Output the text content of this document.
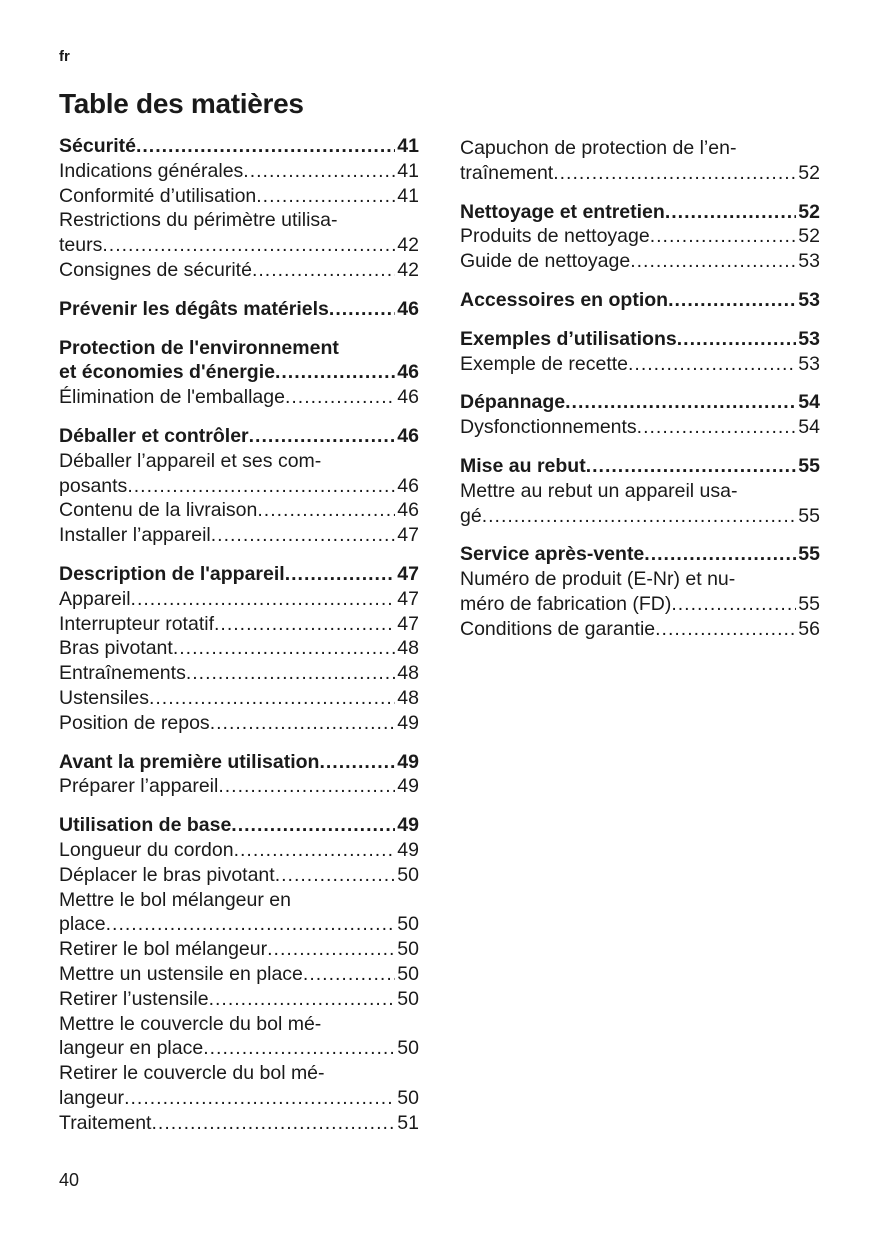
fr
Table des matières
Sécurité .....	41
Indications générales .....	41
Conformité d’utilisation .....	41
Restrictions du périmètre utilisa-
teurs .....	42
Consignes de sécurité .....	42
Prévenir les dégâts matériels .....	46
Protection de l'environnement
et économies d'énergie .....	46
Élimination de l'emballage .....	46
Déballer et contrôler .....	46
Déballer l’appareil et ses com-
posants .....	46
Contenu de la livraison .....	46
Installer l’appareil .....	47
Description de l'appareil .....	47
Appareil .....	47
Interrupteur rotatif .....	47
Bras pivotant .....	48
Entraînements .....	48
Ustensiles .....	48
Position de repos .....	49
Avant la première utilisation .....	49
Préparer l’appareil .....	49
Utilisation de base .....	49
Longueur du cordon .....	49
Déplacer le bras pivotant .....	50
Mettre le bol mélangeur en
place .....	50
Retirer le bol mélangeur .....	50
Mettre un ustensile en place .....	50
Retirer l’ustensile .....	50
Mettre le couvercle du bol mé-
langeur en place .....	50
Retirer le couvercle du bol mé-
langeur .....	50
Traitement .....	51
Capuchon de protection de l’en-
traînement .....	52
Nettoyage et entretien .....	52
Produits de nettoyage .....	52
Guide de nettoyage .....	53
Accessoires en option .....	53
Exemples d’utilisations .....	53
Exemple de recette .....	53
Dépannage .....	54
Dysfonctionnements .....	54
Mise au rebut .....	55
Mettre au rebut un appareil usa-
gé .....	55
Service après-vente .....	55
Numéro de produit (E-Nr) et nu-
méro de fabrication (FD) .....	55
Conditions de garantie .....	56
40
